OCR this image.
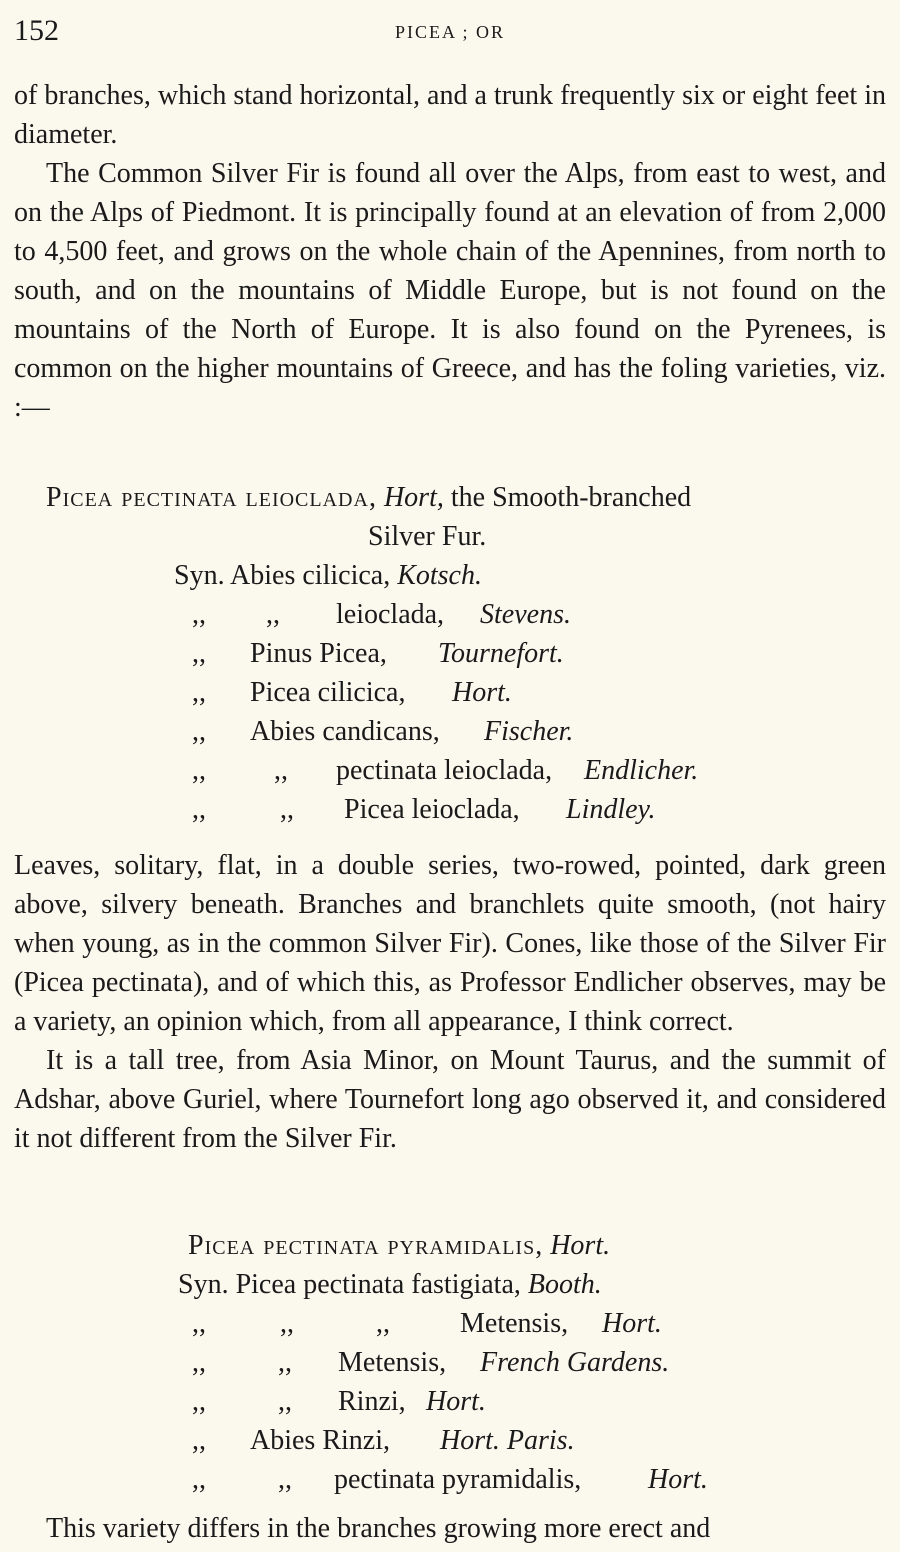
152	PICEA ; OR

of branches, which stand horizontal, and a trunk frequently six or eight feet in diameter.

The Common Silver Fir is found all over the Alps, from east to west, and on the Alps of Piedmont. It is principally found at an elevation of from 2,000 to 4,500 feet, and grows on the whole chain of the Apennines, from north to south, and on the mountains of Middle Europe, but is not found on the mountains of the North of Europe. It is also found on the Pyrenees, is common on the higher mountains of Greece, and has the foling varieties, viz. :—

Picea pectinata leioclada, Hort, the Smooth-branched
Silver Fur.
Syn. Abies cilicica, Kotsch.
,, ,, leioclada, Stevens.
,, Pinus Picea, Tournefort.
,, Picea cilicica, Hort.
,, Abies candicans, Fischer.
,, ,, pectinata leioclada, Endlicher.
,,	,, Picea leioclada, Lindley.

Leaves, solitary, flat, in a double series, two-rowed, pointed, dark green above, silvery beneath. Branches and branchlets quite smooth, (not hairy when young, as in the common Silver Fir). Cones, like those of the Silver Fir (Picea pectinata), and of which this, as Professor Endlicher observes, may be a variety, an opinion which, from all appearance, I think correct.

It is a tall tree, from Asia Minor, on Mount Taurus, and the summit of Adshar, above Guriel, where Tournefort long ago observed it, and considered it not different from the Silver Fir.

Picea pectinata pyramidalis, Hort.
Syn. Picea pectinata fastigiata, Booth.
,,	,,	,,	Metensis, Hort.
,,	,, Metensis, French Gardens.
,,	,, Rinzi, Hort.
,, Abies Rinzi, Hort. Paris.
,,	,, pectinata pyramidalis, Hort.

This variety differs in the branches growing more erect and
